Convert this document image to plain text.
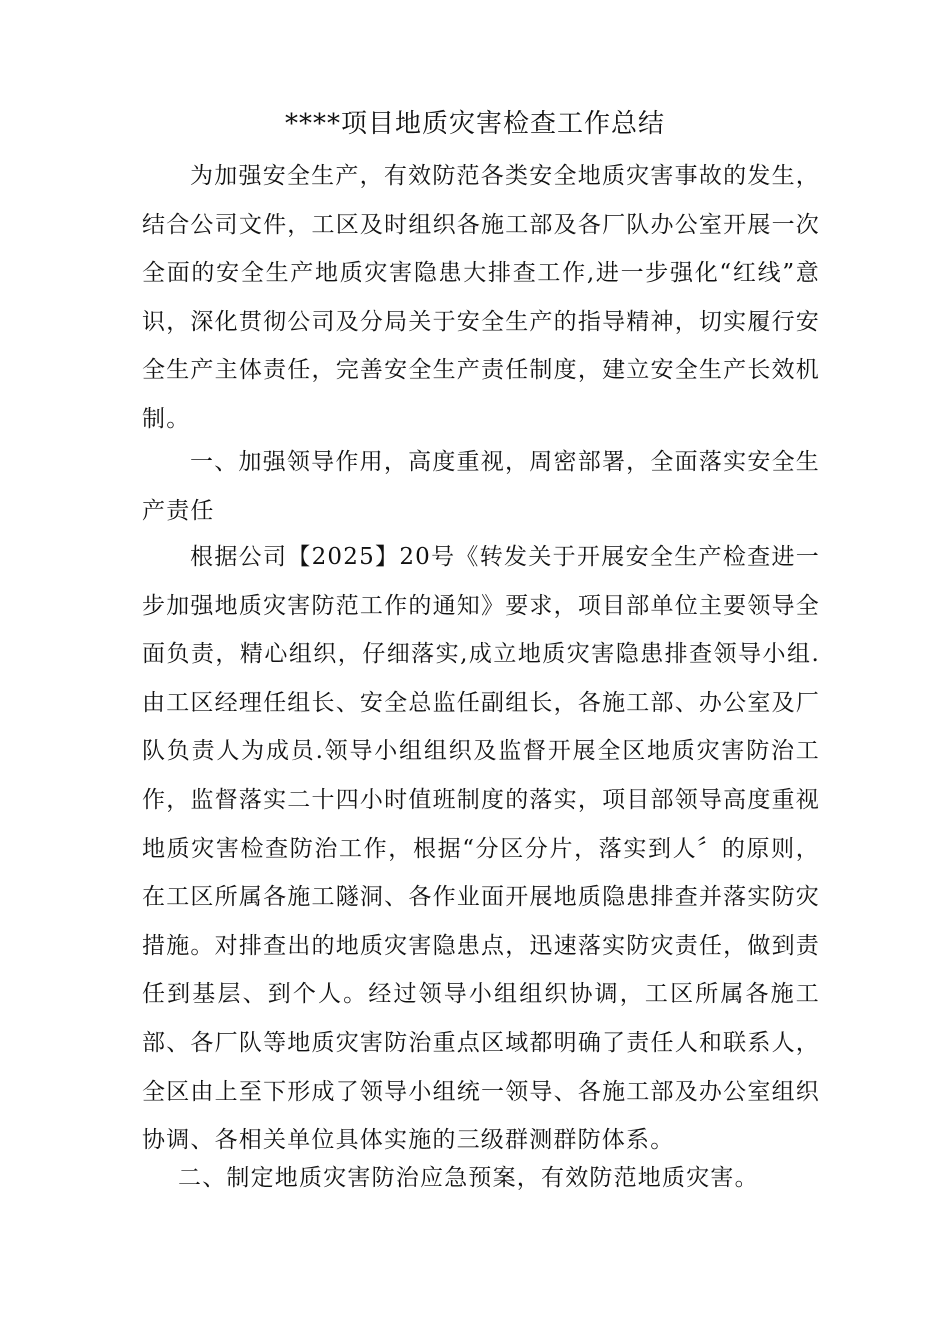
****项目地质灾害检查工作总结

为加强安全生产，有效防范各类安全地质灾害事故的发生，结合公司文件，工区及时组织各施工部及各厂队办公室开展一次全面的安全生产地质灾害隐患大排查工作,进一步强化“红线”意识，深化贯彻公司及分局关于安全生产的指导精神，切实履行安全生产主体责任，完善安全生产责任制度，建立安全生产长效机制。

一、加强领导作用，高度重视，周密部署，全面落实安全生产责任

根据公司【2025】20号《转发关于开展安全生产检查进一步加强地质灾害防范工作的通知》要求，项目部单位主要领导全面负责，精心组织，仔细落实,成立地质灾害隐患排查领导小组.由工区经理任组长、安全总监任副组长，各施工部、办公室及厂队负责人为成员.领导小组组织及监督开展全区地质灾害防治工作，监督落实二十四小时值班制度的落实，项目部领导高度重视地质灾害检查防治工作，根据“分区分片，落实到人〞的原则，在工区所属各施工隧洞、各作业面开展地质隐患排查并落实防灾措施。对排查出的地质灾害隐患点，迅速落实防灾责任，做到责任到基层、到个人。经过领导小组组织协调，工区所属各施工部、各厂队等地质灾害防治重点区域都明确了责任人和联系人，全区由上至下形成了领导小组统一领导、各施工部及办公室组织协调、各相关单位具体实施的三级群测群防体系。

二、制定地质灾害防治应急预案，有效防范地质灾害。
